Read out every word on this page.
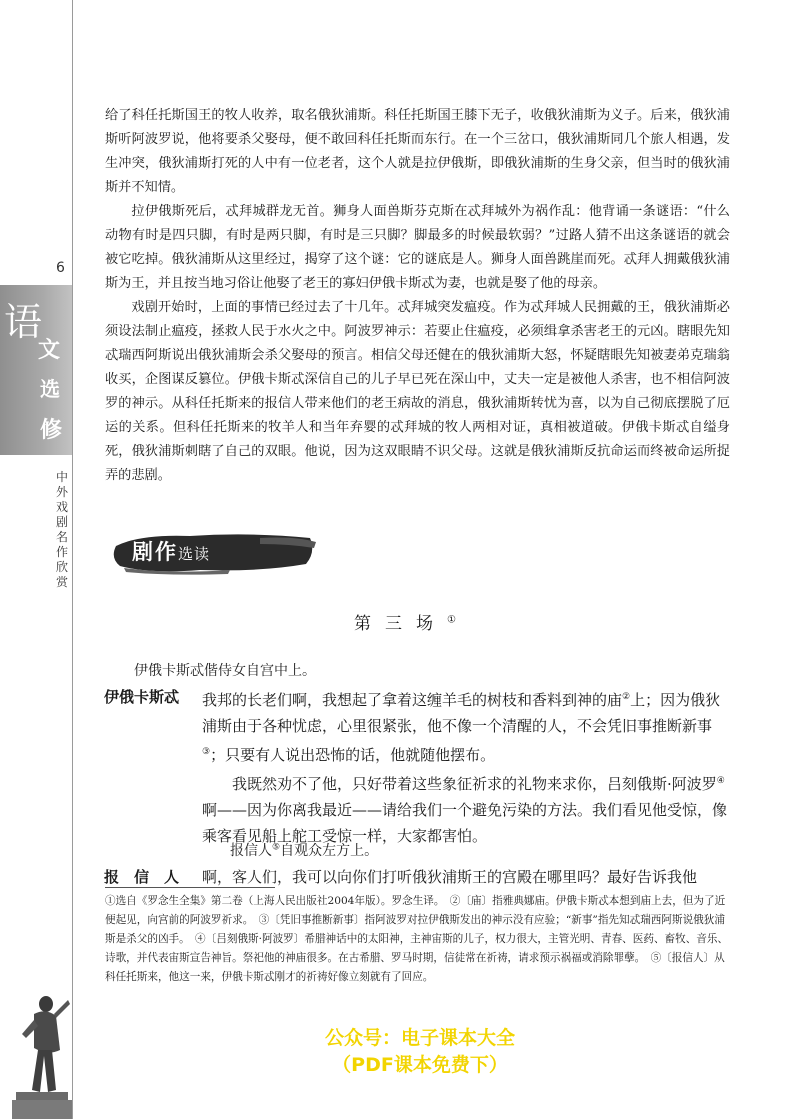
6
语
文
选
修
中
外
戏
剧
名
作
欣
赏

给了科任托斯国王的牧人收养，取名俄狄浦斯。科任托斯国王膝下无子，收俄狄浦斯为义子。后来，俄狄浦斯听阿波罗说，他将要杀父娶母，便不敢回科任托斯而东行。在一个三岔口，俄狄浦斯同几个旅人相遇，发生冲突，俄狄浦斯打死的人中有一位老者，这个人就是拉伊俄斯，即俄狄浦斯的生身父亲，但当时的俄狄浦斯并不知情。

拉伊俄斯死后，忒拜城群龙无首。狮身人面兽斯芬克斯在忒拜城外为祸作乱：他背诵一条谜语：“什么动物有时是四只脚，有时是两只脚，有时是三只脚？脚最多的时候最软弱？”过路人猜不出这条谜语的就会被它吃掉。俄狄浦斯从这里经过，揭穿了这个谜：它的谜底是人。狮身人面兽跳崖而死。忒拜人拥戴俄狄浦斯为王，并且按当地习俗让他娶了老王的寡妇伊俄卡斯忒为妻，也就是娶了他的母亲。

戏剧开始时，上面的事情已经过去了十几年。忒拜城突发瘟疫。作为忒拜城人民拥戴的王，俄狄浦斯必须设法制止瘟疫，拯救人民于水火之中。阿波罗神示：若要止住瘟疫，必须缉拿杀害老王的元凶。瞎眼先知忒瑞西阿斯说出俄狄浦斯会杀父娶母的预言。相信父母还健在的俄狄浦斯大怒，怀疑瞎眼先知被妻弟克瑞翁收买，企图谋反篡位。伊俄卡斯忒深信自己的儿子早已死在深山中，丈夫一定是被他人杀害，也不相信阿波罗的神示。从科任托斯来的报信人带来他们的老王病故的消息，俄狄浦斯转忧为喜，以为自己彻底摆脱了厄运的关系。但科任托斯来的牧羊人和当年弃婴的忒拜城的牧人两相对证，真相被道破。伊俄卡斯忒自缢身死，俄狄浦斯刺瞎了自己的双眼。他说，因为这双眼睛不识父母。这就是俄狄浦斯反抗命运而终被命运所捉弄的悲剧。

剧作选读
第三场①
伊俄卡斯忒偕侍女自宫中上。
伊俄卡斯忒 我邦的长老们啊，我想起了拿着这缠羊毛的树枝和香料到神的庙②上；因为俄狄浦斯由于各种忧虑，心里很紧张，他不像一个清醒的人，不会凭旧事推断新事③；只要有人说出恐怖的话，他就随他摆布。

我既然劝不了他，只好带着这些象征祈求的礼物来求你，吕刻俄斯·阿波罗④啊——因为你离我最近——请给我们一个避免污染的方法。我们看见他受惊，像乘客看见船上舵工受惊一样，大家都害怕。

报信人⑤自观众左方上。
报　信　人 啊，客人们，我可以向你们打听俄狄浦斯王的宫殿在哪里吗？最好告诉我他

①选自《罗念生全集》第二卷（上海人民出版社2004年版）。罗念生译。　②〔庙〕指雅典娜庙。伊俄卡斯忒本想到庙上去，但为了近便起见，向宫前的阿波罗祈求。　③〔凭旧事推断新事〕指阿波罗对拉伊俄斯发出的神示没有应验；“新事”指先知忒瑞西阿斯说俄狄浦斯是杀父的凶手。　④〔吕刻俄斯·阿波罗〕希腊神话中的太阳神，主神宙斯的儿子，权力很大，主管光明、青春、医药、畜牧、音乐、诗歌，并代表宙斯宣告神旨。祭祀他的神庙很多。在古希腊、罗马时期，信徒常在祈祷，请求预示祸福或消除罪孽。　⑤〔报信人〕从科任托斯来，他这一来，伊俄卡斯忒刚才的祈祷好像立刻就有了回应。

公众号：电子课本大全
（PDF课本免费下）
